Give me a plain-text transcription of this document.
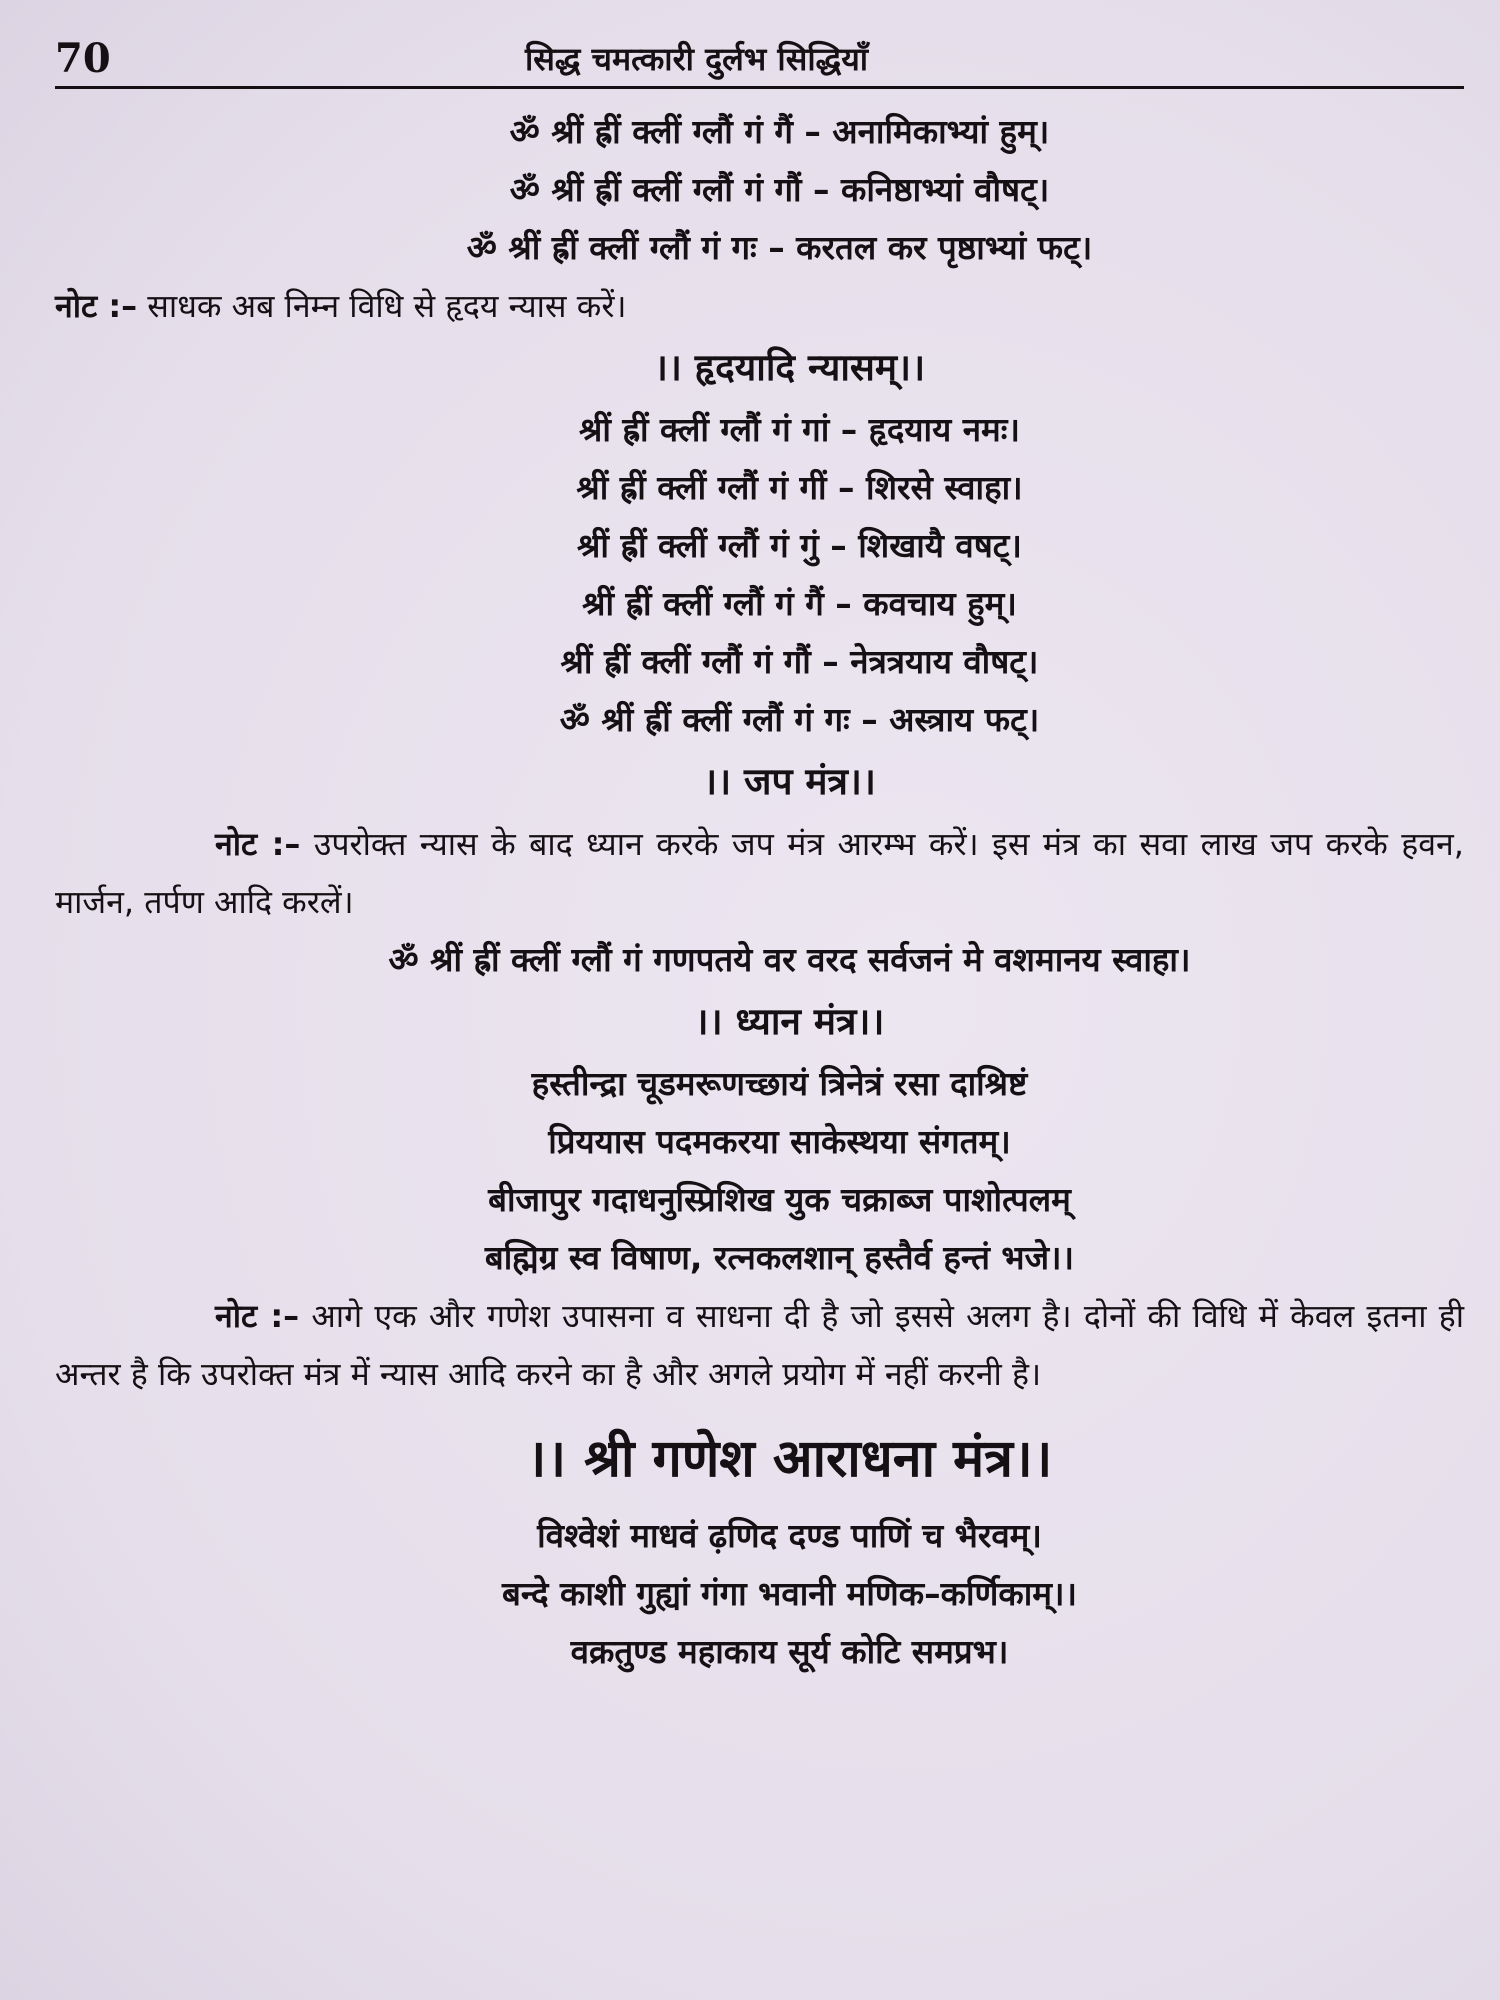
70	सिद्ध चमत्कारी दुर्लभ सिद्धियाँ
ॐ श्रीं ह्रीं क्लीं ग्लौं गं गैं – अनामिकाभ्यां हुम्।
ॐ श्रीं ह्रीं क्लीं ग्लौं गं गौं – कनिष्ठाभ्यां वौषट्।
ॐ श्रीं ह्रीं क्लीं ग्लौं गं गः – करतल कर पृष्ठाभ्यां फट्।
नोट :– साधक अब निम्न विधि से हृदय न्यास करें।
।। हृदयादि न्यासम्।।
श्रीं ह्रीं क्लीं ग्लौं गं गां – हृदयाय नमः।
श्रीं ह्रीं क्लीं ग्लौं गं गीं – शिरसे स्वाहा।
श्रीं ह्रीं क्लीं ग्लौं गं गुं – शिखायै वषट्।
श्रीं ह्रीं क्लीं ग्लौं गं गैं – कवचाय हुम्।
श्रीं ह्रीं क्लीं ग्लौं गं गौं – नेत्रत्रयाय वौषट्।
ॐ श्रीं ह्रीं क्लीं ग्लौं गं गः – अस्त्राय फट्।
।। जप मंत्र।।
नोट :– उपरोक्त न्यास के बाद ध्यान करके जप मंत्र आरम्भ करें। इस मंत्र का सवा लाख जप करके हवन, मार्जन, तर्पण आदि करलें।
ॐ श्रीं ह्रीं क्लीं ग्लौं गं गणपतये वर वरद सर्वजनं मे वशमानय स्वाहा।
।। ध्यान मंत्र।।
हस्तीन्द्रा चूडमरूणच्छायं त्रिनेत्रं रसा दाश्रिष्टं
प्रिययास पदमकरया साकेस्थया संगतम्।
बीजापुर गदाधनुस्प्रिशिख युक चक्राब्ज पाशोत्पलम्
बह्मिग्र स्व विषाण, रत्नकलशान् हस्तैर्व हन्तं भजे।।
नोट :– आगे एक और गणेश उपासना व साधना दी है जो इससे अलग है। दोनों की विधि में केवल इतना ही अन्तर है कि उपरोक्त मंत्र में न्यास आदि करने का है और अगले प्रयोग में नहीं करनी है।
।। श्री गणेश आराधना मंत्र।।
विश्वेशं माधवं ढ़णिद दण्ड पाणिं च भैरवम्।
बन्दे काशी गुह्यां गंगा भवानी मणिक–कर्णिकाम्।।
वक्रतुण्ड महाकाय सूर्य कोटि समप्रभ।
